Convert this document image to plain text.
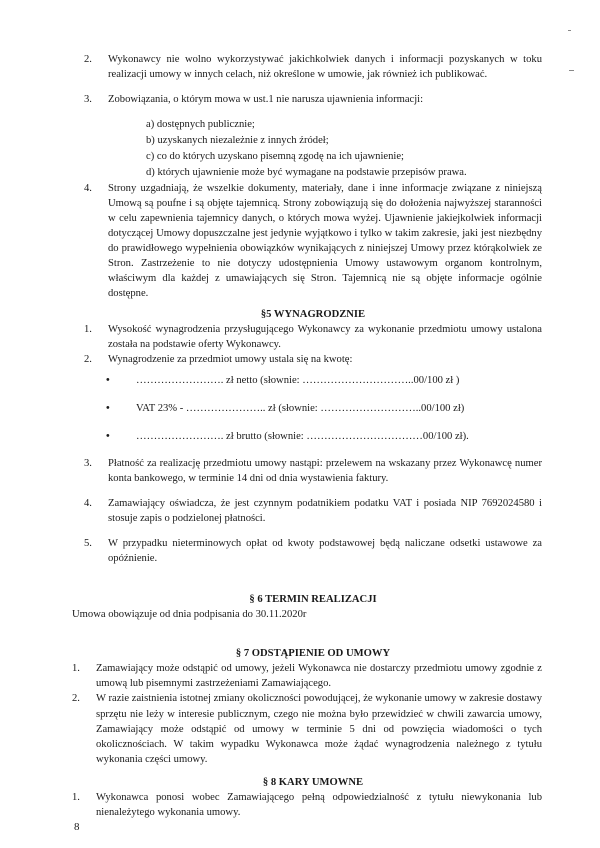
2. Wykonawcy nie wolno wykorzystywać jakichkolwiek danych i informacji pozyskanych w toku realizacji umowy w innych celach, niż określone w umowie, jak również ich publikować.
3. Zobowiązania, o którym mowa w ust.1 nie narusza ujawnienia informacji:
a) dostępnych publicznie;
b) uzyskanych niezależnie z innych źródeł;
c) co do których uzyskano pisemną zgodę na ich ujawnienie;
d) których ujawnienie może być wymagane na podstawie przepisów prawa.
4. Strony uzgadniają, że wszelkie dokumenty, materiały, dane i inne informacje związane z niniejszą Umową są poufne i są objęte tajemnicą. Strony zobowiązują się do dołożenia najwyższej staranności w celu zapewnienia tajemnicy danych, o których mowa wyżej. Ujawnienie jakiejkolwiek informacji dotyczącej Umowy dopuszczalne jest jedynie wyjątkowo i tylko w takim zakresie, jaki jest niezbędny do prawidłowego wypełnienia obowiązków wynikających z niniejszej Umowy przez którąkolwiek ze Stron. Zastrzeżenie to nie dotyczy udostępnienia Umowy ustawowym organom kontrolnym, właściwym dla każdej z umawiających się Stron. Tajemnicą nie są objęte informacje ogólnie dostępne.
§5 WYNAGRODZNIE
1. Wysokość wynagrodzenia przysługującego Wykonawcy za wykonanie przedmiotu umowy ustalona została na podstawie oferty Wykonawcy.
2. Wynagrodzenie za przedmiot umowy ustala się na kwotę:
• ……………………. zł netto (słownie: …………………………..00/100 zł )
• VAT 23% - ………………….. zł (słownie: ………………………..00/100 zł)
• ……………………. zł brutto (słownie: ……………………………00/100 zł).
3. Płatność za realizację przedmiotu umowy nastąpi: przelewem na wskazany przez Wykonawcę numer konta bankowego, w terminie 14 dni od dnia wystawienia faktury.
4. Zamawiający oświadcza, że jest czynnym podatnikiem podatku VAT i posiada NIP 7692024580 i stosuje zapis o podzielonej płatności.
5. W przypadku nieterminowych opłat od kwoty podstawowej będą naliczane odsetki ustawowe za opóźnienie.
§ 6 TERMIN REALIZACJI
Umowa obowiązuje od dnia podpisania do 30.11.2020r
§ 7 ODSTĄPIENIE OD UMOWY
1. Zamawiający może odstąpić od umowy, jeżeli Wykonawca nie dostarczy przedmiotu umowy zgodnie z umową lub pisemnymi zastrzeżeniami Zamawiającego.
2. W razie zaistnienia istotnej zmiany okoliczności powodującej, że wykonanie umowy w zakresie dostawy sprzętu nie leży w interesie publicznym, czego nie można było przewidzieć w chwili zawarcia umowy, Zamawiający może odstąpić od umowy w terminie 5 dni od powzięcia wiadomości o tych okolicznościach. W takim wypadku Wykonawca może żądać wynagrodzenia należnego z tytułu wykonania części umowy.
§ 8 KARY UMOWNE
1. Wykonawca ponosi wobec Zamawiającego pełną odpowiedzialność z tytułu niewykonania lub nienależytego wykonania umowy.
8
